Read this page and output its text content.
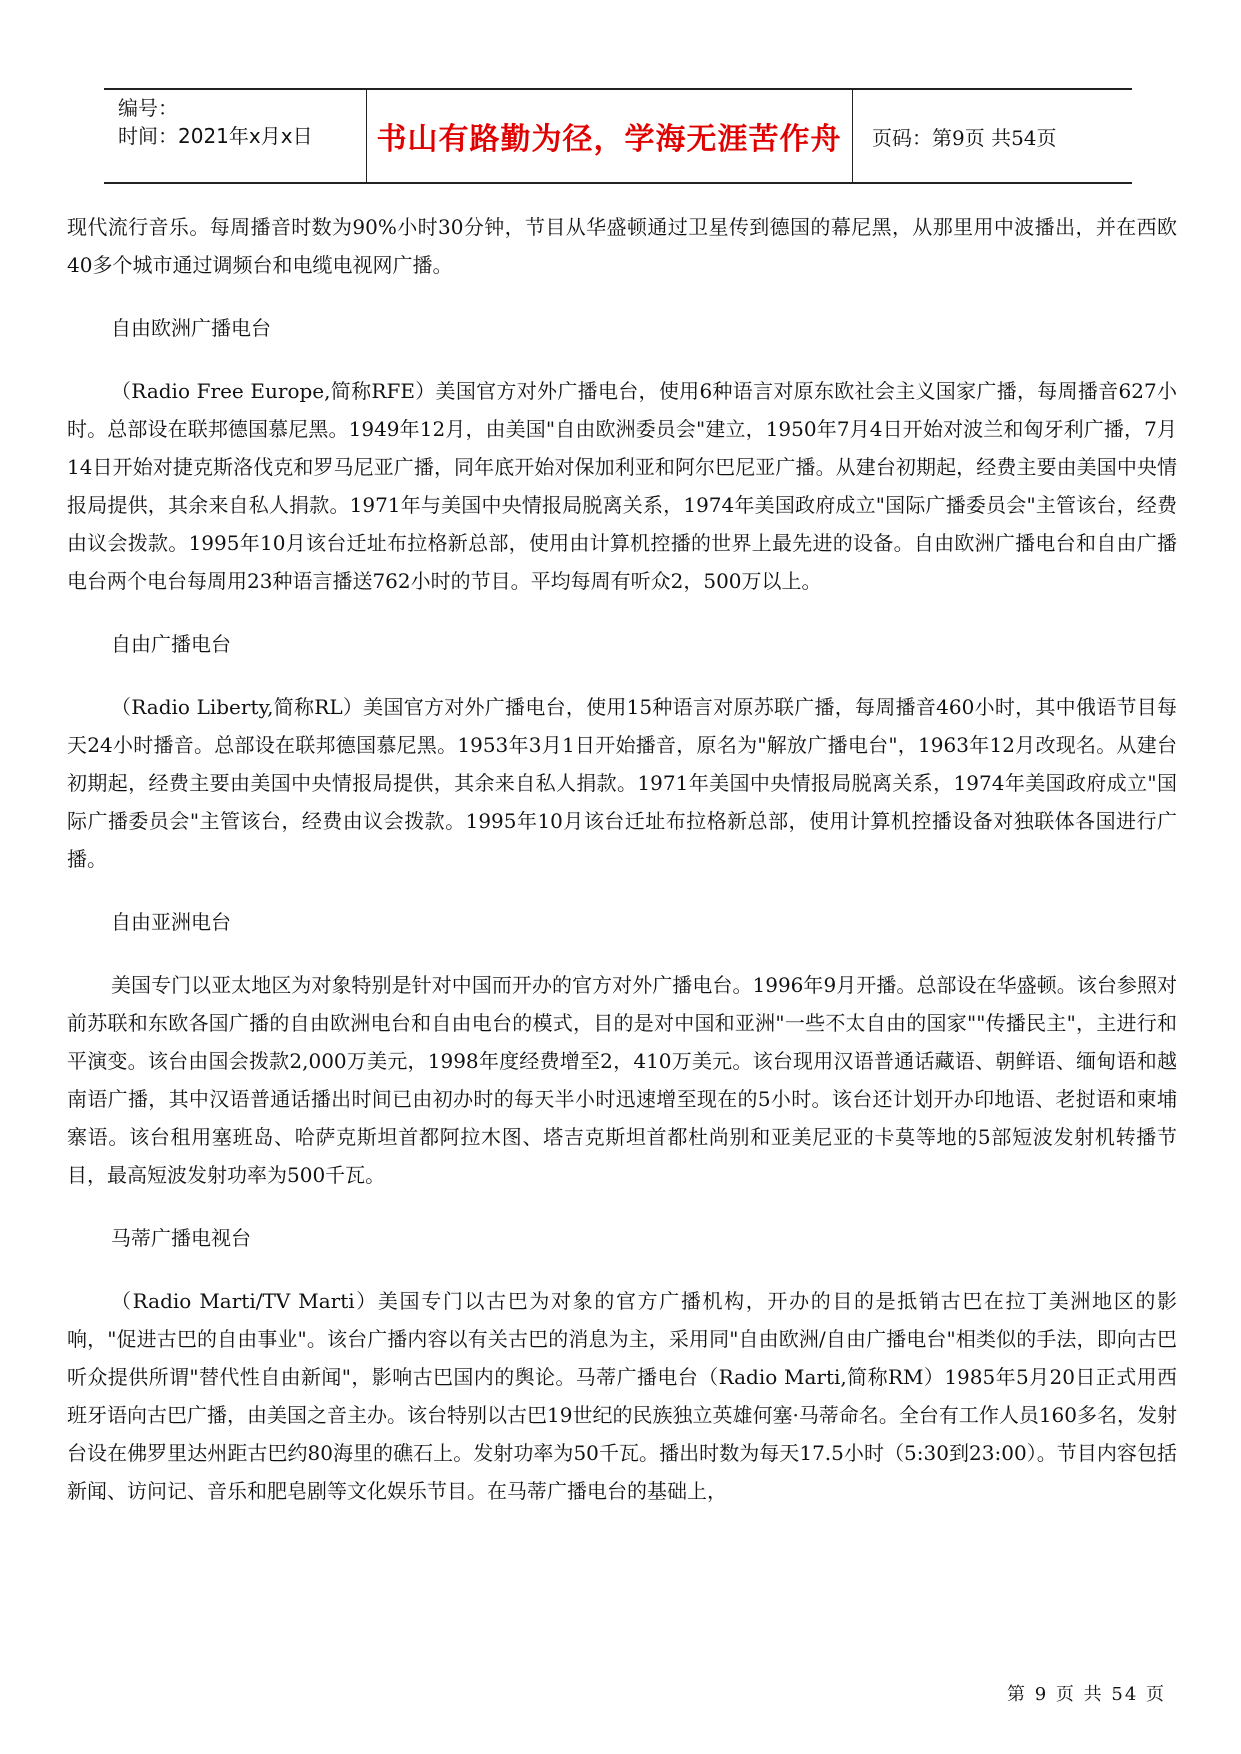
编号：
时间：2021年x月x日	书山有路勤为径，学海无涯苦作舟	页码：第9页 共54页

现代流行音乐。每周播音时数为90%小时30分钟，节目从华盛顿通过卫星传到德国的幕尼黑，从那里用中波播出，并在西欧40多个城市通过调频台和电缆电视网广播。

自由欧洲广播电台

（Radio Free Europe,简称RFE）美国官方对外广播电台，使用6种语言对原东欧社会主义国家广播，每周播音627小时。总部设在联邦德国慕尼黑。1949年12月，由美国"自由欧洲委员会"建立，1950年7月4日开始对波兰和匈牙利广播，7月14日开始对捷克斯洛伐克和罗马尼亚广播，同年底开始对保加利亚和阿尔巴尼亚广播。从建台初期起，经费主要由美国中央情报局提供，其余来自私人捐款。1971年与美国中央情报局脱离关系，1974年美国政府成立"国际广播委员会"主管该台，经费由议会拨款。1995年10月该台迁址布拉格新总部，使用由计算机控播的世界上最先进的设备。自由欧洲广播电台和自由广播电台两个电台每周用23种语言播送762小时的节目。平均每周有听众2，500万以上。

自由广播电台

（Radio Liberty,简称RL）美国官方对外广播电台，使用15种语言对原苏联广播，每周播音460小时，其中俄语节目每天24小时播音。总部设在联邦德国慕尼黑。1953年3月1日开始播音，原名为"解放广播电台"，1963年12月改现名。从建台初期起，经费主要由美国中央情报局提供，其余来自私人捐款。1971年美国中央情报局脱离关系，1974年美国政府成立"国际广播委员会"主管该台，经费由议会拨款。1995年10月该台迁址布拉格新总部，使用计算机控播设备对独联体各国进行广播。

自由亚洲电台

美国专门以亚太地区为对象特别是针对中国而开办的官方对外广播电台。1996年9月开播。总部设在华盛顿。该台参照对前苏联和东欧各国广播的自由欧洲电台和自由电台的模式，目的是对中国和亚洲"一些不太自由的国家""传播民主"，主进行和平演变。该台由国会拨款2,000万美元，1998年度经费增至2，410万美元。该台现用汉语普通话藏语、朝鲜语、缅甸语和越南语广播，其中汉语普通话播出时间已由初办时的每天半小时迅速增至现在的5小时。该台还计划开办印地语、老挝语和柬埔寨语。该台租用塞班岛、哈萨克斯坦首都阿拉木图、塔吉克斯坦首都杜尚别和亚美尼亚的卡莫等地的5部短波发射机转播节目，最高短波发射功率为500千瓦。

马蒂广播电视台

（Radio Marti/TV Marti）美国专门以古巴为对象的官方广播机构，开办的目的是抵销古巴在拉丁美洲地区的影响，"促进古巴的自由事业"。该台广播内容以有关古巴的消息为主，采用同"自由欧洲/自由广播电台"相类似的手法，即向古巴听众提供所谓"替代性自由新闻"，影响古巴国内的舆论。马蒂广播电台（Radio Marti,简称RM）1985年5月20日正式用西班牙语向古巴广播，由美国之音主办。该台特别以古巴19世纪的民族独立英雄何塞·马蒂命名。全台有工作人员160多名，发射台设在佛罗里达州距古巴约80海里的礁石上。发射功率为50千瓦。播出时数为每天17.5小时（5:30到23:00）。节目内容包括新闻、访问记、音乐和肥皂剧等文化娱乐节目。在马蒂广播电台的基础上，

第 9 页 共 54 页
